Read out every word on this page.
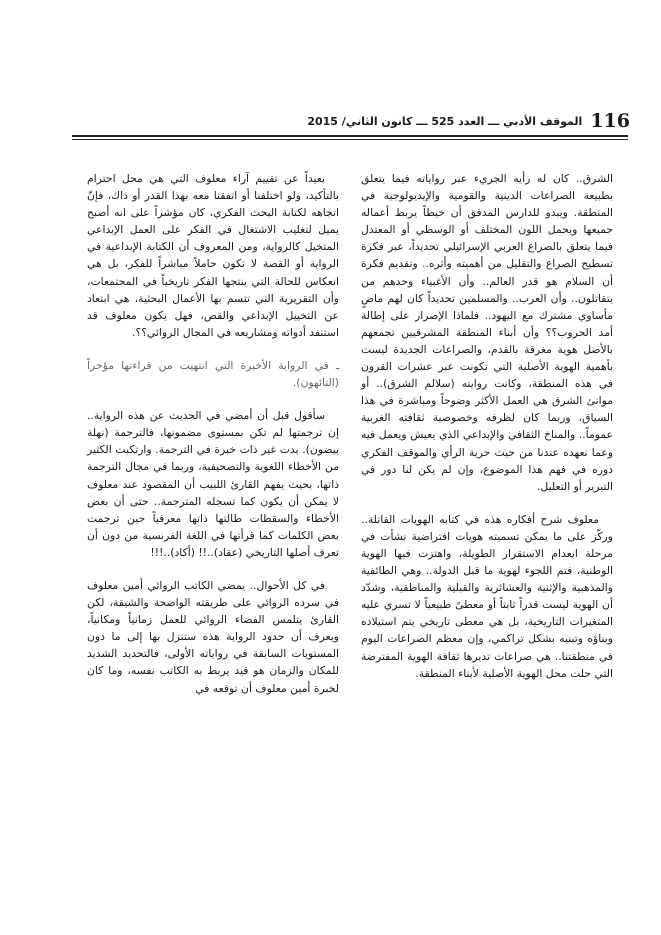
116
الموقف الأدبي ـــ العدد 525 ـــ كانون الثاني/ 2015

الشرق.. كان له رأيه الجريء عبر رواياته فيما يتعلق بطبيعة الصراعات الدينية والقومية والإيديولوجية في المنطقة. ويبدو للدارس المدقق أن خيطاً يربط أعماله جميعها ويحمل اللون المختلف أو الوسطي أو المعتدل فيما يتعلق بالصراع العربي الإسرائيلي تحديداً، عبر فكرة تسطيح الصراع والتقليل من أهميته وأثره.. وتقديم فكرة أن السلام هو قدر العالم.. وأن الأغبياء وحدهم من يتقاتلون.. وأن العرب.. والمسلمين تحديداً كان لهم ماضٍ مأساوي مشترك مع اليهود.. فلماذا الإصرار على إطالة أمد الحروب؟؟ وأن أبناء المنطقة المشرقيين تجمعهم بالأصل هوية مغرقة بالقدم، والصراعات الجديدة ليست بأهمية الهوية الأصلية التي تكونت عبر عشرات القرون في هذه المنطقة، وكانت روايته (سلالم الشرق).. أو موانئ الشرق هي العمل الأكثر وضوحاً ومباشرة في هذا السياق، وربما كان لظرفه وخصوصية ثقافته الغربية عموماً.. والمناخ الثقافي والإبداعي الذي يعيش ويعمل فيه وعما نعهده عندنا من حيث حرية الرأي والموقف الفكري دوره في فهم هذا الموضوع، وإن لم يكن لنا دور في التبرير أو التعليل.

معلوف شرح أفكاره هذه في كتابه الهويات القاتلة.. وركّز على ما يمكن تسميته هويات افتراضية نشأت في مرحلة انعدام الاستقرار الطويلة، واهتزت فيها الهوية الوطنية، فتم اللجوء لهوية ما قبل الدولة.. وهي الطائفية والمذهبية والإثنية والعشائرية والقبلية والمناطقية، وشدّد أن الهوية ليست قدراً ثابتاً أو معطىً طبيعياً لا تسري عليه المتغيرات التاريخية، بل هي معطى تاريخي يتم استيلاده وبناؤه وتبنيه بشكل تراكمي، وإن معظم الصراعات اليوم في منطقتنا.. هي صراعات تديرها ثقافة الهوية المفترضة التي حلت محل الهوية الأصلية لأبناء المنطقة.

بعيداً عن تقييم آراء معلوف التي هي محل احترام بالتأكيد، ولو اختلفنا أو اتفقنا معه بهذا القدر أو ذاك، فإنّ اتجاهه لكتابة البحث الفكري، كان مؤشراً على انه أصبح يميل لتغليب الاشتغال في الفكر على العمل الإبداعي المتخيل كالرواية، ومن المعروف أن الكتابة الإبداعية في الرواية أو القصة لا تكون حاملاً مباشراً للفكر، بل هي انعكاس للحالة التي ينتجها الفكر تاريخياً في المجتمعات، وأن التقريرية التي تتسم بها الأعمال البحثية، هي ابتعاد عن التخييل الإبداعي والقص، فهل يكون معلوف قد استنفد أدواته ومشاريعه في المجال الروائي؟؟.

ـ في الرواية الأخيرة التي انتهيت من قراءتها مؤخراً (التائهون).

سأقول قبل أن أمضي في الحديث عن هذه الرواية.. إن ترجمتها لم تكن بمستوى مضمونها، فالترجمة (نهلة بيضون). بدت غير ذات خبرة في الترجمة. وارتكبت الكثير من الأخطاء اللغوية والتصحيفية، وربما في مجال الترجمة ذاتها، بحيث يفهم القارئ اللبيب أن المقصود عند معلوف لا يمكن أن يكون كما تسجله المترجمة.. حتى أن بعض الأخطاء والسقطات طالتها ذاتها معرفياً حين ترجمت بعض الكلمات كما قرأتها في اللغة الفرنسية من دون أن تعرف أصلها التاريخي (عقاد)..!! (أكاد)..!!!

في كل الأحوال.. يمضي الكاتب الروائي أمين معلوف في سرده الروائي على طريقته الواضحة والشيقة، لكن القارئ يتلمس الفضاء الروائي للعمل زمانياً ومكانياً، ويعرف أن حدود الرواية هذه ستنزل بها إلى ما دون المستويات السابقة في رواياته الأولى، فالتحديد الشديد للمكان والزمان هو قيد يربط به الكاتب نفسه، وما كان لخبرة أمين معلوف أن توقعه في
